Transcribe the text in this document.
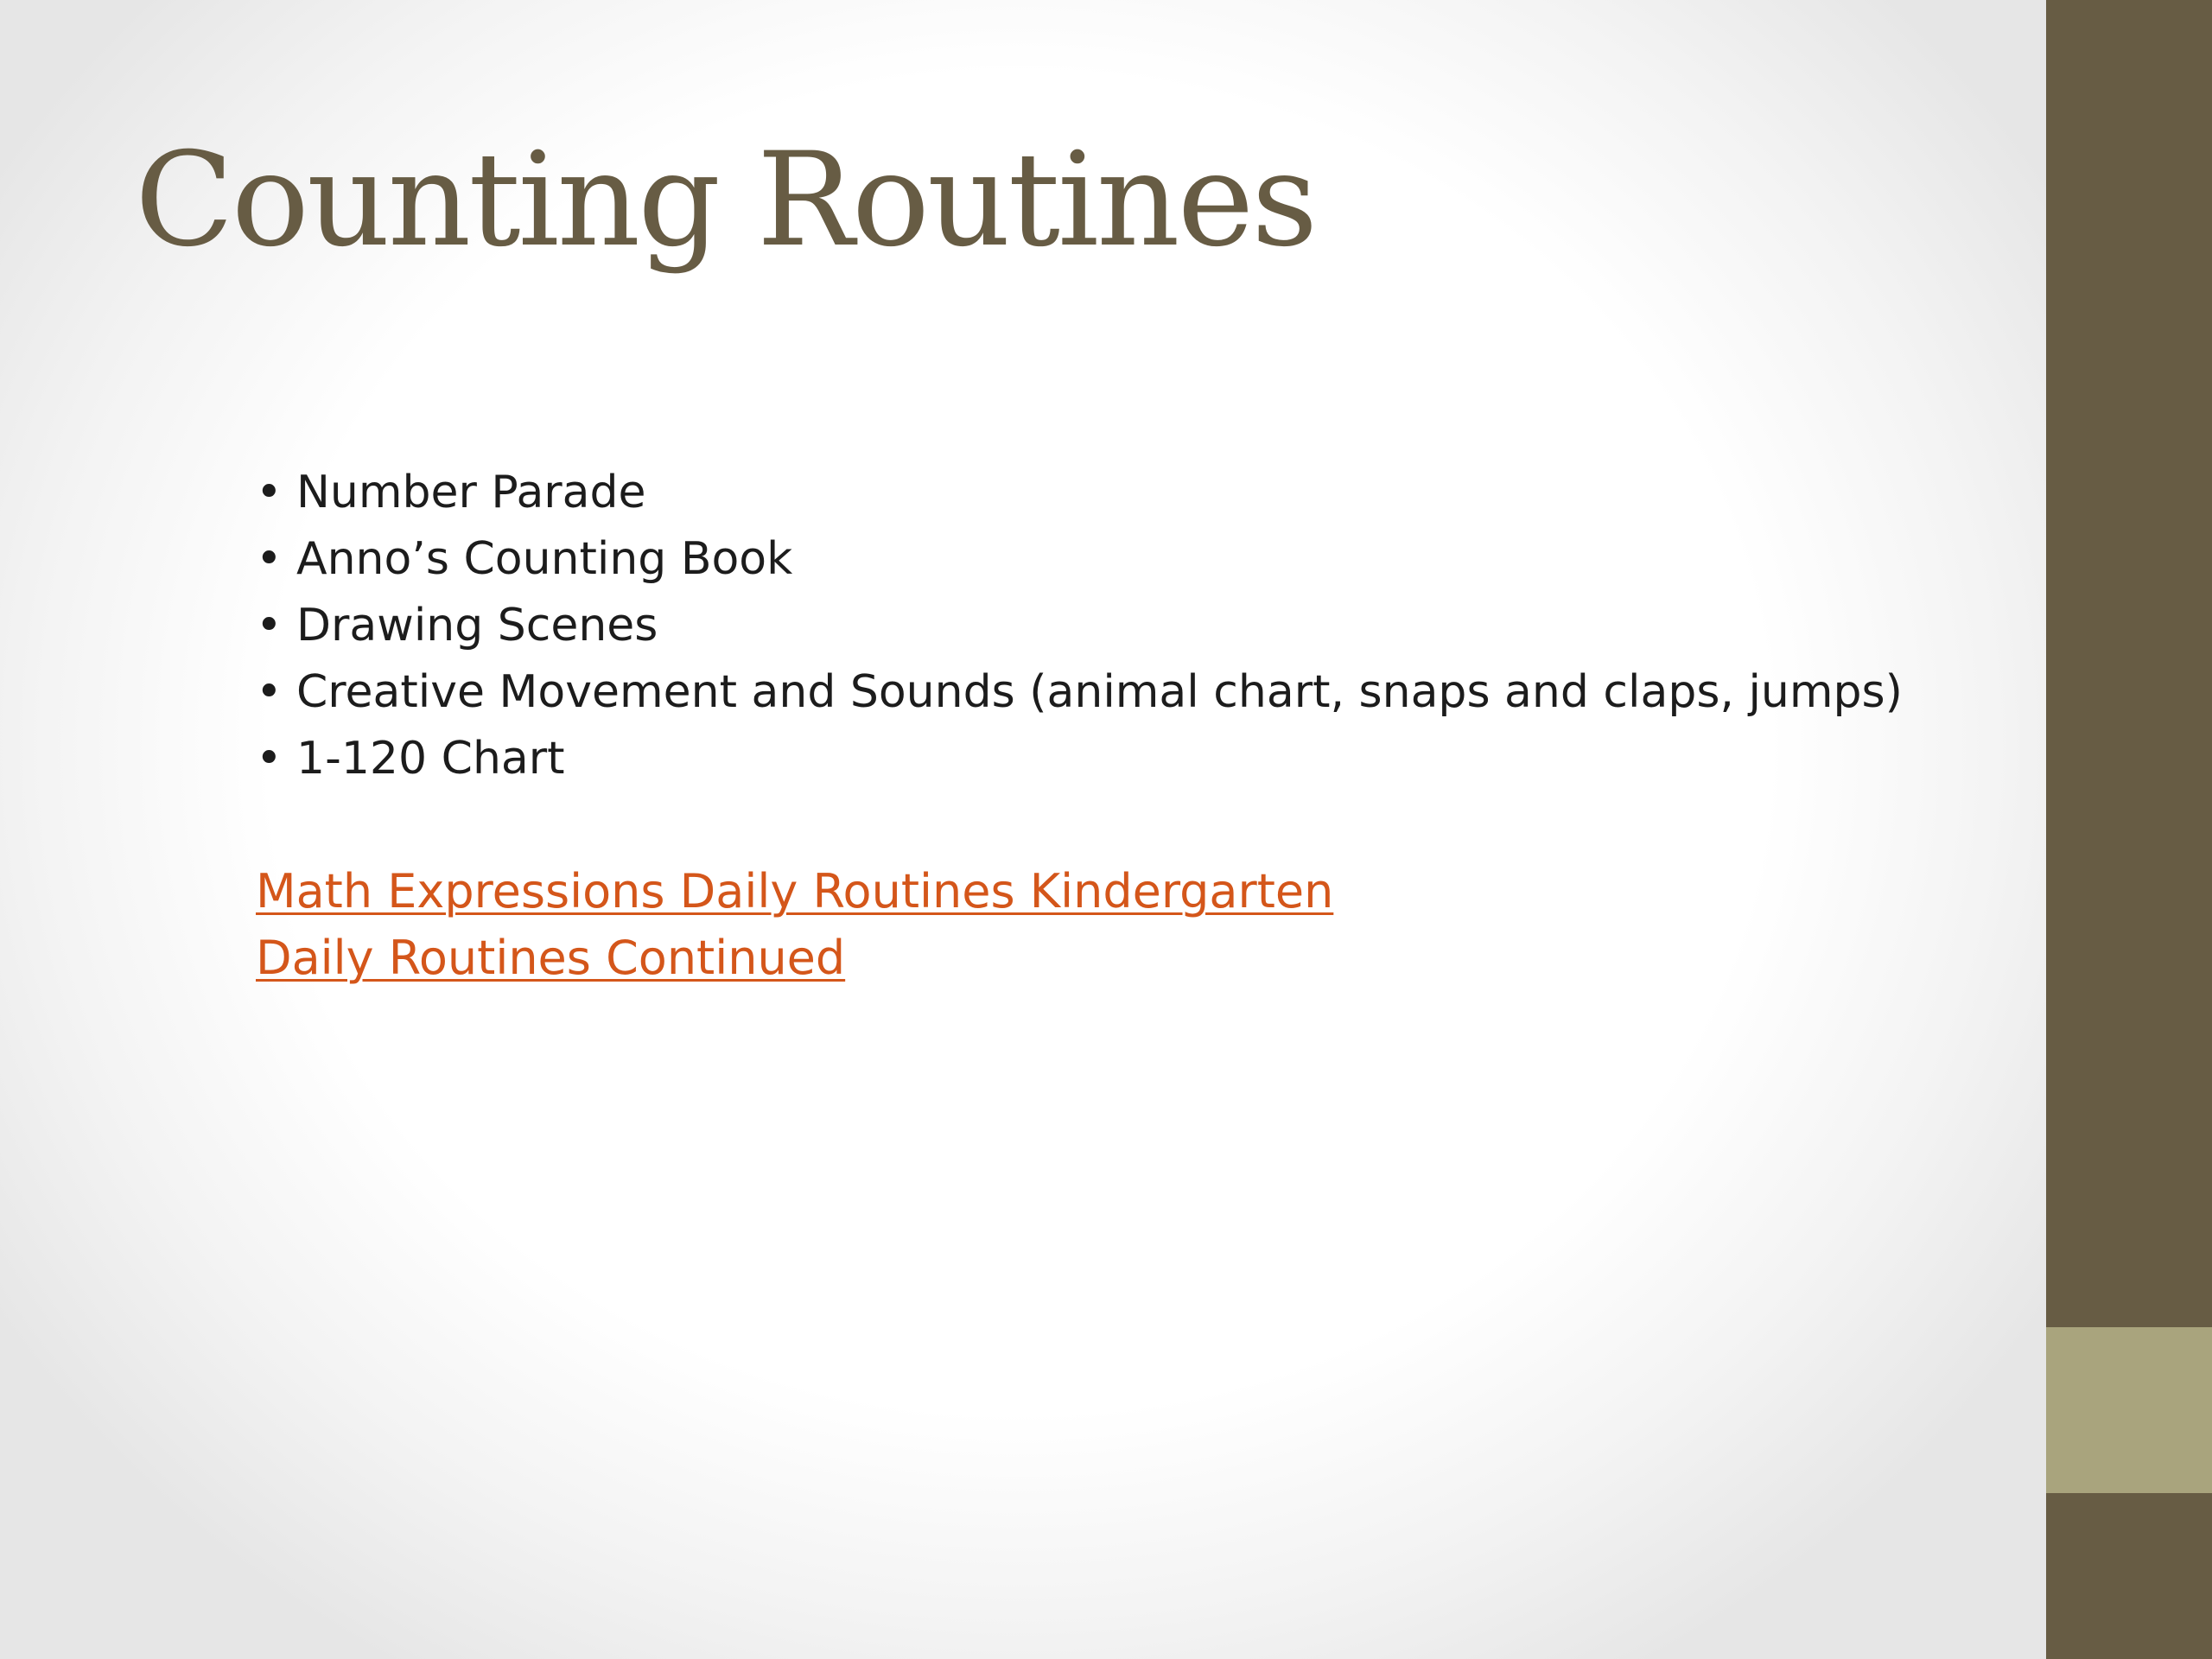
Counting Routines
• Number Parade
• Anno’s Counting Book
• Drawing Scenes
• Creative Movement and Sounds (animal chart, snaps and claps, jumps)
• 1-120 Chart
Math Expressions Daily Routines Kindergarten
Daily Routines Continued
